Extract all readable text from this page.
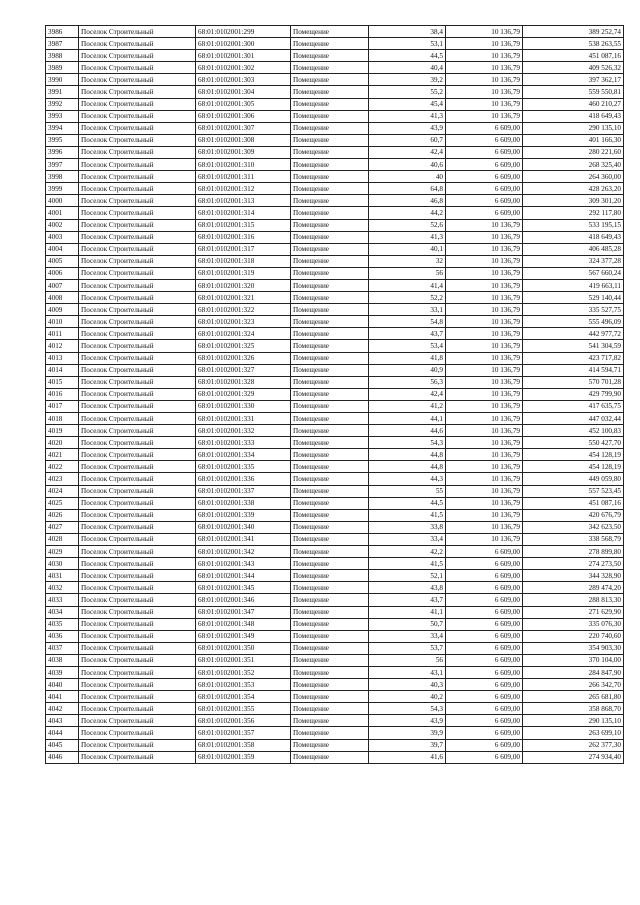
3986	Поселок Строительный	68:01:0102001:299	Помещение	38,4	10 136,79	389 252,74
3987	Поселок Строительный	68:01:0102001:300	Помещение	53,1	10 136,79	538 263,55
3988	Поселок Строительный	68:01:0102001:301	Помещение	44,5	10 136,79	451 087,16
3989	Поселок Строительный	68:01:0102001:302	Помещение	40,4	10 136,79	409 526,32
3990	Поселок Строительный	68:01:0102001:303	Помещение	39,2	10 136,79	397 362,17
3991	Поселок Строительный	68:01:0102001:304	Помещение	55,2	10 136,79	559 550,81
3992	Поселок Строительный	68:01:0102001:305	Помещение	45,4	10 136,79	460 210,27
3993	Поселок Строительный	68:01:0102001:306	Помещение	41,3	10 136,79	418 649,43
3994	Поселок Строительный	68:01:0102001:307	Помещение	43,9	6 609,00	290 135,10
3995	Поселок Строительный	68:01:0102001:308	Помещение	60,7	6 609,00	401 166,30
3996	Поселок Строительный	68:01:0102001:309	Помещение	42,4	6 609,00	280 221,60
3997	Поселок Строительный	68:01:0102001:310	Помещение	40,6	6 609,00	268 325,40
3998	Поселок Строительный	68:01:0102001:311	Помещение	40	6 609,00	264 360,00
3999	Поселок Строительный	68:01:0102001:312	Помещение	64,8	6 609,00	428 263,20
4000	Поселок Строительный	68:01:0102001:313	Помещение	46,8	6 609,00	309 301,20
4001	Поселок Строительный	68:01:0102001:314	Помещение	44,2	6 609,00	292 117,80
4002	Поселок Строительный	68:01:0102001:315	Помещение	52,6	10 136,79	533 195,15
4003	Поселок Строительный	68:01:0102001:316	Помещение	41,3	10 136,79	418 649,43
4004	Поселок Строительный	68:01:0102001:317	Помещение	40,1	10 136,79	406 485,28
4005	Поселок Строительный	68:01:0102001:318	Помещение	32	10 136,79	324 377,28
4006	Поселок Строительный	68:01:0102001:319	Помещение	56	10 136,79	567 660,24
4007	Поселок Строительный	68:01:0102001:320	Помещение	41,4	10 136,79	419 663,11
4008	Поселок Строительный	68:01:0102001:321	Помещение	52,2	10 136,79	529 140,44
4009	Поселок Строительный	68:01:0102001:322	Помещение	33,1	10 136,79	335 527,75
4010	Поселок Строительный	68:01:0102001:323	Помещение	54,8	10 136,79	555 496,09
4011	Поселок Строительный	68:01:0102001:324	Помещение	43,7	10 136,79	442 977,72
4012	Поселок Строительный	68:01:0102001:325	Помещение	53,4	10 136,79	541 304,59
4013	Поселок Строительный	68:01:0102001:326	Помещение	41,8	10 136,79	423 717,82
4014	Поселок Строительный	68:01:0102001:327	Помещение	40,9	10 136,79	414 594,71
4015	Поселок Строительный	68:01:0102001:328	Помещение	56,3	10 136,79	570 701,28
4016	Поселок Строительный	68:01:0102001:329	Помещение	42,4	10 136,79	429 799,90
4017	Поселок Строительный	68:01:0102001:330	Помещение	41,2	10 136,79	417 635,75
4018	Поселок Строительный	68:01:0102001:331	Помещение	44,1	10 136,79	447 032,44
4019	Поселок Строительный	68:01:0102001:332	Помещение	44,6	10 136,79	452 100,83
4020	Поселок Строительный	68:01:0102001:333	Помещение	54,3	10 136,79	550 427,70
4021	Поселок Строительный	68:01:0102001:334	Помещение	44,8	10 136,79	454 128,19
4022	Поселок Строительный	68:01:0102001:335	Помещение	44,8	10 136,79	454 128,19
4023	Поселок Строительный	68:01:0102001:336	Помещение	44,3	10 136,79	449 059,80
4024	Поселок Строительный	68:01:0102001:337	Помещение	55	10 136,79	557 523,45
4025	Поселок Строительный	68:01:0102001:338	Помещение	44,5	10 136,79	451 087,16
4026	Поселок Строительный	68:01:0102001:339	Помещение	41,5	10 136,79	420 676,79
4027	Поселок Строительный	68:01:0102001:340	Помещение	33,8	10 136,79	342 623,50
4028	Поселок Строительный	68:01:0102001:341	Помещение	33,4	10 136,79	338 568,79
4029	Поселок Строительный	68:01:0102001:342	Помещение	42,2	6 609,00	278 899,80
4030	Поселок Строительный	68:01:0102001:343	Помещение	41,5	6 609,00	274 273,50
4031	Поселок Строительный	68:01:0102001:344	Помещение	52,1	6 609,00	344 328,90
4032	Поселок Строительный	68:01:0102001:345	Помещение	43,8	6 609,00	289 474,20
4033	Поселок Строительный	68:01:0102001:346	Помещение	43,7	6 609,00	288 813,30
4034	Поселок Строительный	68:01:0102001:347	Помещение	41,1	6 609,00	271 629,90
4035	Поселок Строительный	68:01:0102001:348	Помещение	50,7	6 609,00	335 076,30
4036	Поселок Строительный	68:01:0102001:349	Помещение	33,4	6 609,00	220 740,60
4037	Поселок Строительный	68:01:0102001:350	Помещение	53,7	6 609,00	354 903,30
4038	Поселок Строительный	68:01:0102001:351	Помещение	56	6 609,00	370 104,00
4039	Поселок Строительный	68:01:0102001:352	Помещение	43,1	6 609,00	284 847,90
4040	Поселок Строительный	68:01:0102001:353	Помещение	40,3	6 609,00	266 342,70
4041	Поселок Строительный	68:01:0102001:354	Помещение	40,2	6 609,00	265 681,80
4042	Поселок Строительный	68:01:0102001:355	Помещение	54,3	6 609,00	358 868,70
4043	Поселок Строительный	68:01:0102001:356	Помещение	43,9	6 609,00	290 135,10
4044	Поселок Строительный	68:01:0102001:357	Помещение	39,9	6 609,00	263 699,10
4045	Поселок Строительный	68:01:0102001:358	Помещение	39,7	6 609,00	262 377,30
4046	Поселок Строительный	68:01:0102001:359	Помещение	41,6	6 609,00	274 934,40
